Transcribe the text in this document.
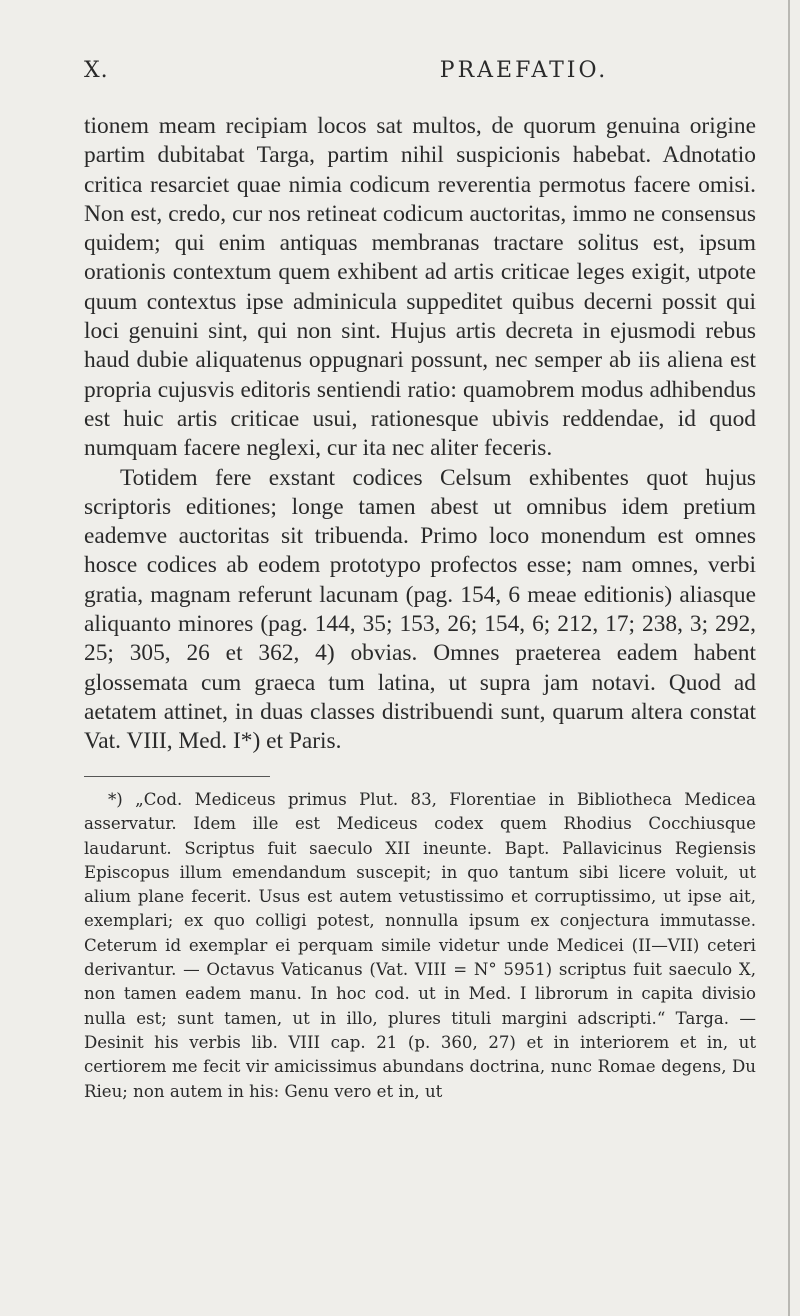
X.	PRAEFATIO.

tionem meam recipiam locos sat multos, de quorum genuina origine partim dubitabat Targa, partim nihil suspicionis habebat. Adnotatio critica resarciet quae nimia codicum reverentia permotus facere omisi. Non est, credo, cur nos retineat codicum auctoritas, immo ne consensus quidem; qui enim antiquas membranas tractare solitus est, ipsum orationis contextum quem exhibent ad artis criticae leges exigit, utpote quum contextus ipse adminicula suppeditet quibus decerni possit qui loci genuini sint, qui non sint. Hujus artis decreta in ejusmodi rebus haud dubie aliquatenus oppugnari possunt, nec semper ab iis aliena est propria cujusvis editoris sentiendi ratio: quamobrem modus adhibendus est huic artis criticae usui, rationesque ubivis reddendae, id quod numquam facere neglexi, cur ita nec aliter feceris.

Totidem fere exstant codices Celsum exhibentes quot hujus scriptoris editiones; longe tamen abest ut omnibus idem pretium eademve auctoritas sit tribuenda. Primo loco monendum est omnes hosce codices ab eodem prototypo profectos esse; nam omnes, verbi gratia, magnam referunt lacunam (pag. 154, 6 meae editionis) aliasque aliquanto minores (pag. 144, 35; 153, 26; 154, 6; 212, 17; 238, 3; 292, 25; 305, 26 et 362, 4) obvias. Omnes praeterea eadem habent glossemata cum graeca tum latina, ut supra jam notavi. Quod ad aetatem attinet, in duas classes distribuendi sunt, quarum altera constat Vat. VIII, Med. I*) et Paris.

*) „Cod. Mediceus primus Plut. 83, Florentiae in Bibliotheca Medicea asservatur. Idem ille est Mediceus codex quem Rhodius Cocchiusque laudarunt. Scriptus fuit saeculo XII ineunte. Bapt. Pallavicinus Regiensis Episcopus illum emendandum suscepit; in quo tantum sibi licere voluit, ut alium plane fecerit. Usus est autem vetustissimo et corruptissimo, ut ipse ait, exemplari; ex quo colligi potest, nonnulla ipsum ex conjectura immutasse. Ceterum id exemplar ei perquam simile videtur unde Medicei (II—VII) ceteri derivantur. — Octavus Vaticanus (Vat. VIII = N° 5951) scriptus fuit saeculo X, non tamen eadem manu. In hoc cod. ut in Med. I librorum in capita divisio nulla est; sunt tamen, ut in illo, plures tituli margini adscripti.“ Targa. — Desinit his verbis lib. VIII cap. 21 (p. 360, 27) et in interiorem et in, ut certiorem me fecit vir amicissimus abundans doctrina, nunc Romae degens, Du Rieu; non autem in his: Genu vero et in, ut
